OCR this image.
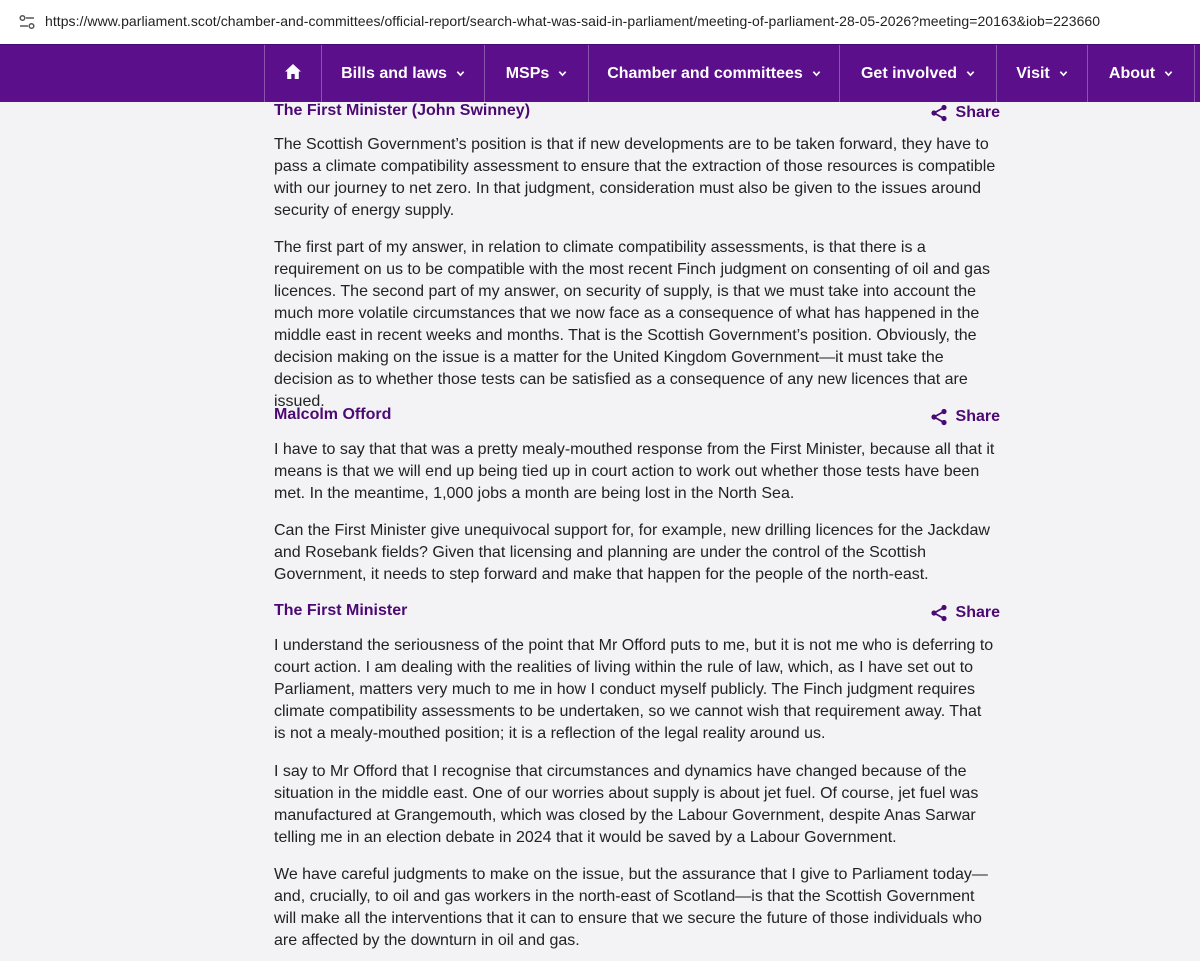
https://www.parliament.scot/chamber-and-committees/official-report/search-what-was-said-in-parliament/meeting-of-parliament-28-05-2026?meeting=20163&iob=223660
Bills and laws	MSPs	Chamber and committees	Get involved	Visit	About
The First Minister (John Swinney)	Share

The Scottish Government’s position is that if new developments are to be taken forward, they have to pass a climate compatibility assessment to ensure that the extraction of those resources is compatible with our journey to net zero. In that judgment, consideration must also be given to the issues around security of energy supply.

The first part of my answer, in relation to climate compatibility assessments, is that there is a requirement on us to be compatible with the most recent Finch judgment on consenting of oil and gas licences. The second part of my answer, on security of supply, is that we must take into account the much more volatile circumstances that we now face as a consequence of what has happened in the middle east in recent weeks and months. That is the Scottish Government’s position. Obviously, the decision making on the issue is a matter for the United Kingdom Government—it must take the decision as to whether those tests can be satisfied as a consequence of any new licences that are issued.

Malcolm Offord	Share

I have to say that that was a pretty mealy-mouthed response from the First Minister, because all that it means is that we will end up being tied up in court action to work out whether those tests have been met. In the meantime, 1,000 jobs a month are being lost in the North Sea.

Can the First Minister give unequivocal support for, for example, new drilling licences for the Jackdaw and Rosebank fields? Given that licensing and planning are under the control of the Scottish Government, it needs to step forward and make that happen for the people of the north-east.

The First Minister	Share

I understand the seriousness of the point that Mr Offord puts to me, but it is not me who is deferring to court action. I am dealing with the realities of living within the rule of law, which, as I have set out to Parliament, matters very much to me in how I conduct myself publicly. The Finch judgment requires climate compatibility assessments to be undertaken, so we cannot wish that requirement away. That is not a mealy-mouthed position; it is a reflection of the legal reality around us.

I say to Mr Offord that I recognise that circumstances and dynamics have changed because of the situation in the middle east. One of our worries about supply is about jet fuel. Of course, jet fuel was manufactured at Grangemouth, which was closed by the Labour Government, despite Anas Sarwar telling me in an election debate in 2024 that it would be saved by a Labour Government.

We have careful judgments to make on the issue, but the assurance that I give to Parliament today—and, crucially, to oil and gas workers in the north-east of Scotland—is that the Scottish Government will make all the interventions that it can to ensure that we secure the future of those individuals who are affected by the downturn in oil and gas.
